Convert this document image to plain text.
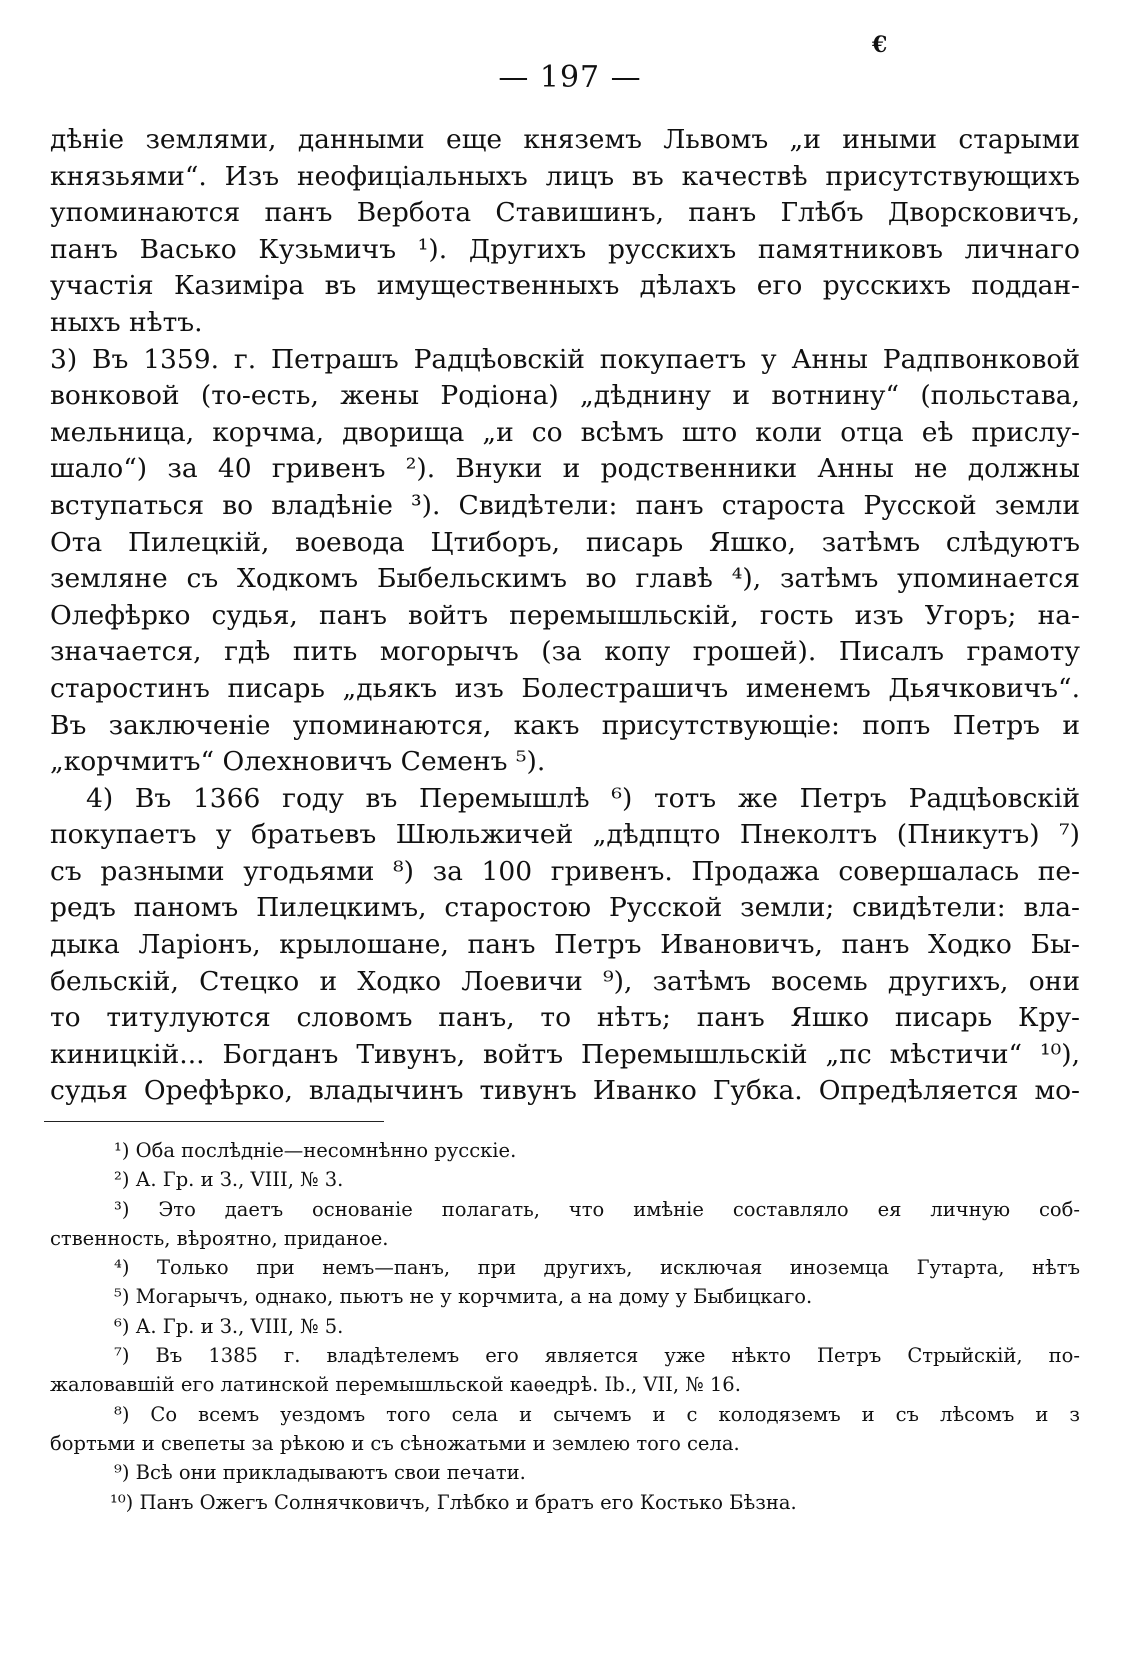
— 197 —
€
дѣніе землями, данными еще княземъ Львомъ „и иными старыми
князьями“. Изъ неофиціальныхъ лицъ въ качествѣ присутствующихъ
упоминаются панъ Вербота Ставишинъ, панъ Глѣбъ Дворсковичъ,
панъ Васько Кузьмичъ ¹). Другихъ русскихъ памятниковъ личнаго
участія Казиміра въ имущественныхъ дѣлахъ его русскихъ поддан-
ныхъ нѣтъ.
3) Въ 1359. г. Петрашъ Радцѣовскій покупаетъ у Анны Радпвонковой
вонковой (то-есть, жены Родіона) „дѣднину и вотнину“ (польстава,
мельница, корчма, дворища „и со всѣмъ што коли отца еѣ прислу-
шало“) за 40 гривенъ ²). Внуки и родственники Анны не должны
вступаться во владѣніе ³). Свидѣтели: панъ староста Русской земли
Ота Пилецкій, воевода Цтиборъ, писарь Яшко, затѣмъ слѣдуютъ
земляне съ Ходкомъ Быбельскимъ во главѣ ⁴), затѣмъ упоминается
Олефѣрко судья, панъ войтъ перемышльскій, гость изъ Угоръ; на-
значается, гдѣ пить могорычъ (за копу грошей). Писалъ грамоту
старостинъ писарь „дьякъ изъ Болестрашичъ именемъ Дьячковичъ“.
Въ заключеніе упоминаются, какъ присутствующіе: попъ Петръ и
„корчмитъ“ Олехновичъ Семенъ ⁵).
4) Въ 1366 году въ Перемышлѣ ⁶) тотъ же Петръ Радцѣовскій
покупаетъ у братьевъ Шюльжичей „дѣдпцто Пнеколтъ (Пникутъ) ⁷)
съ разными угодьями ⁸) за 100 гривенъ. Продажа совершалась пе-
редъ паномъ Пилецкимъ, старостою Русской земли; свидѣтели: вла-
дыка Ларіонъ, крылошане, панъ Петръ Ивановичъ, панъ Ходко Бы-
бельскій, Стецко и Ходко Лоевичи ⁹), затѣмъ восемь другихъ, они
то титулуются словомъ панъ, то нѣтъ; панъ Яшко писарь Кру-
киницкій... Богданъ Тивунъ, войтъ Перемышльскій „пс мѣстичи“ ¹⁰),
судья Орефѣрко, владычинъ тивунъ Иванко Губка. Опредѣляется мо-
¹) Оба послѣдніе—несомнѣнно русскіе.
²) А. Гр. и З., VIII, № 3.
³) Это даетъ основаніе полагать, что имѣніе составляло ея личную соб-
ственность, вѣроятно, приданое.
⁴) Только при немъ—панъ, при другихъ, исключая иноземца Гутарта, нѣтъ
⁵) Могарычъ, однако, пьютъ не у корчмита, а на дому у Быбицкаго.
⁶) А. Гр. и З., VIII, № 5.
⁷) Въ 1385 г. владѣтелемъ его является уже нѣкто Петръ Стрыйскій, по-
жаловавшій его латинской перемышльской каѳедрѣ. Ib., VII, № 16.
⁸) Со всемъ уездомъ того села и сычемъ и с колодяземъ и съ лѣсомъ и з
бортьми и свепеты за рѣкою и съ сѣножатьми и землею того села.
⁹) Всѣ они прикладываютъ свои печати.
¹⁰) Панъ Ожегъ Солнячковичъ, Глѣбко и братъ его Костько Бѣзна.
